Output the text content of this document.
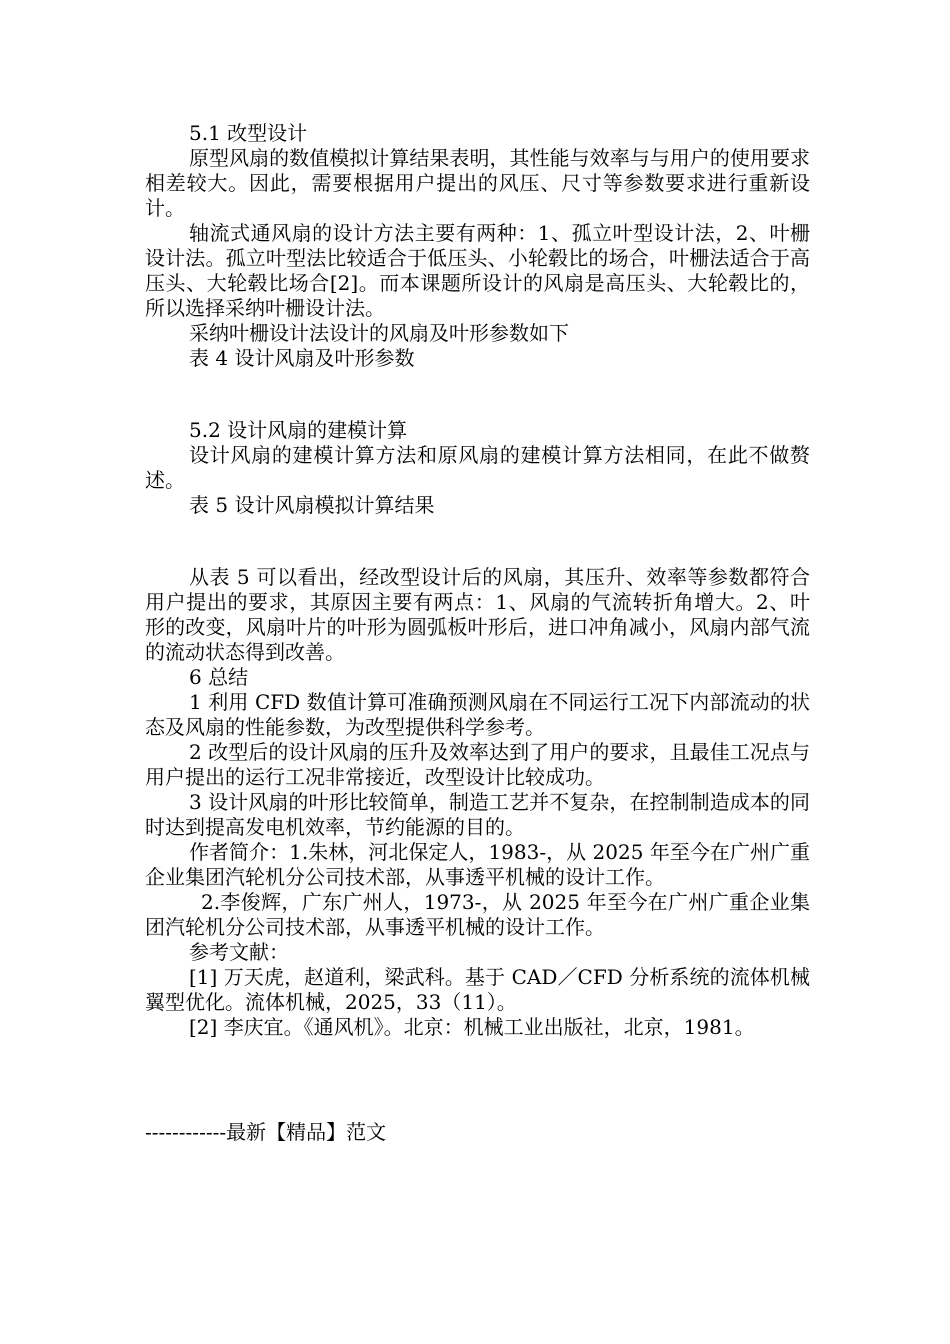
5.1 改型设计

原型风扇的数值模拟计算结果表明，其性能与效率与与用户的使用要求相差较大。因此，需要根据用户提出的风压、尺寸等参数要求进行重新设计。

轴流式通风扇的设计方法主要有两种：1、孤立叶型设计法，2、叶栅设计法。孤立叶型法比较适合于低压头、小轮毂比的场合，叶栅法适合于高压头、大轮毂比场合[2]。而本课题所设计的风扇是高压头、大轮毂比的，所以选择采纳叶栅设计法。

采纳叶栅设计法设计的风扇及叶形参数如下

表 4 设计风扇及叶形参数

5.2 设计风扇的建模计算

设计风扇的建模计算方法和原风扇的建模计算方法相同，在此不做赘述。

表 5 设计风扇模拟计算结果

从表 5 可以看出，经改型设计后的风扇，其压升、效率等参数都符合用户提出的要求，其原因主要有两点：1、风扇的气流转折角增大。2、叶形的改变，风扇叶片的叶形为圆弧板叶形后，进口冲角减小，风扇内部气流的流动状态得到改善。

6 总结

1 利用 CFD 数值计算可准确预测风扇在不同运行工况下内部流动的状态及风扇的性能参数，为改型提供科学参考。

2 改型后的设计风扇的压升及效率达到了用户的要求，且最佳工况点与用户提出的运行工况非常接近，改型设计比较成功。

3 设计风扇的叶形比较简单，制造工艺并不复杂，在控制制造成本的同时达到提高发电机效率，节约能源的目的。

作者简介：1.朱林，河北保定人，1983-，从 2025 年至今在广州广重企业集团汽轮机分公司技术部，从事透平机械的设计工作。

2.李俊辉，广东广州人，1973-，从 2025 年至今在广州广重企业集团汽轮机分公司技术部，从事透平机械的设计工作。

参考文献：

[1] 万天虎，赵道利，梁武科。基于 CAD／CFD 分析系统的流体机械翼型优化。流体机械，2025，33（11）。

[2] 李庆宜。《通风机》。北京：机械工业出版社，北京，1981。

------------最新【精品】范文
